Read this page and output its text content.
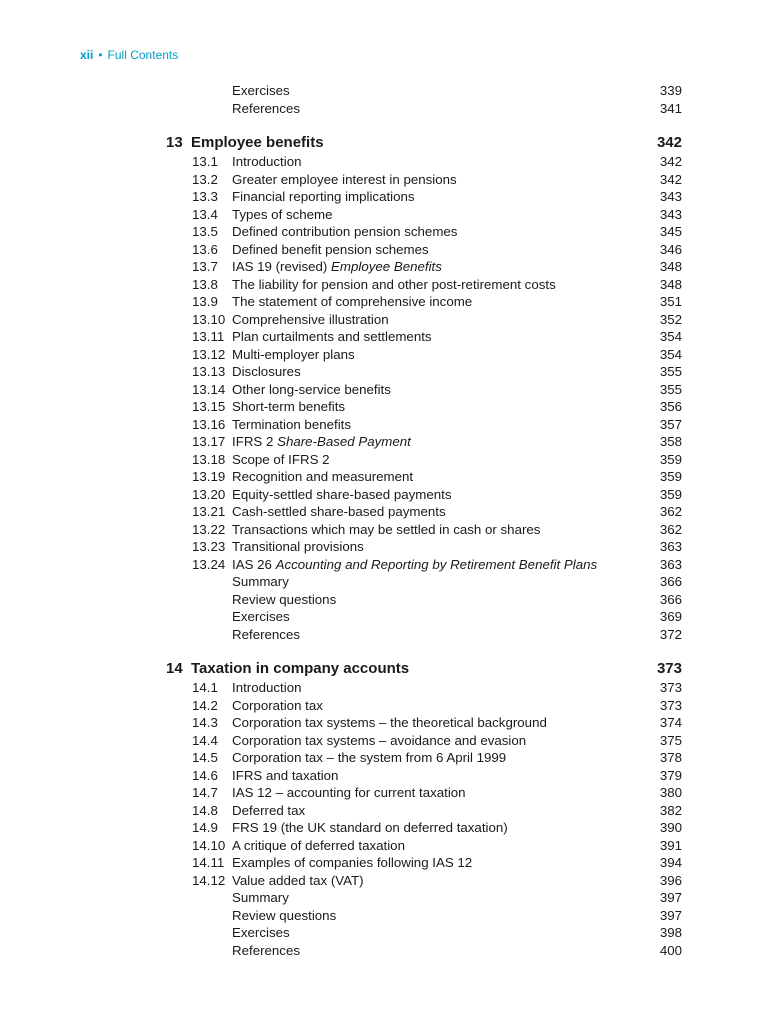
xii • Full Contents
Exercises	339
References	341
13 Employee benefits	342
13.1 Introduction	342
13.2 Greater employee interest in pensions	342
13.3 Financial reporting implications	343
13.4 Types of scheme	343
13.5 Defined contribution pension schemes	345
13.6 Defined benefit pension schemes	346
13.7 IAS 19 (revised) Employee Benefits	348
13.8 The liability for pension and other post-retirement costs	348
13.9 The statement of comprehensive income	351
13.10 Comprehensive illustration	352
13.11 Plan curtailments and settlements	354
13.12 Multi-employer plans	354
13.13 Disclosures	355
13.14 Other long-service benefits	355
13.15 Short-term benefits	356
13.16 Termination benefits	357
13.17 IFRS 2 Share-Based Payment	358
13.18 Scope of IFRS 2	359
13.19 Recognition and measurement	359
13.20 Equity-settled share-based payments	359
13.21 Cash-settled share-based payments	362
13.22 Transactions which may be settled in cash or shares	362
13.23 Transitional provisions	363
13.24 IAS 26 Accounting and Reporting by Retirement Benefit Plans	363
Summary	366
Review questions	366
Exercises	369
References	372
14 Taxation in company accounts	373
14.1 Introduction	373
14.2 Corporation tax	373
14.3 Corporation tax systems – the theoretical background	374
14.4 Corporation tax systems – avoidance and evasion	375
14.5 Corporation tax – the system from 6 April 1999	378
14.6 IFRS and taxation	379
14.7 IAS 12 – accounting for current taxation	380
14.8 Deferred tax	382
14.9 FRS 19 (the UK standard on deferred taxation)	390
14.10 A critique of deferred taxation	391
14.11 Examples of companies following IAS 12	394
14.12 Value added tax (VAT)	396
Summary	397
Review questions	397
Exercises	398
References	400
